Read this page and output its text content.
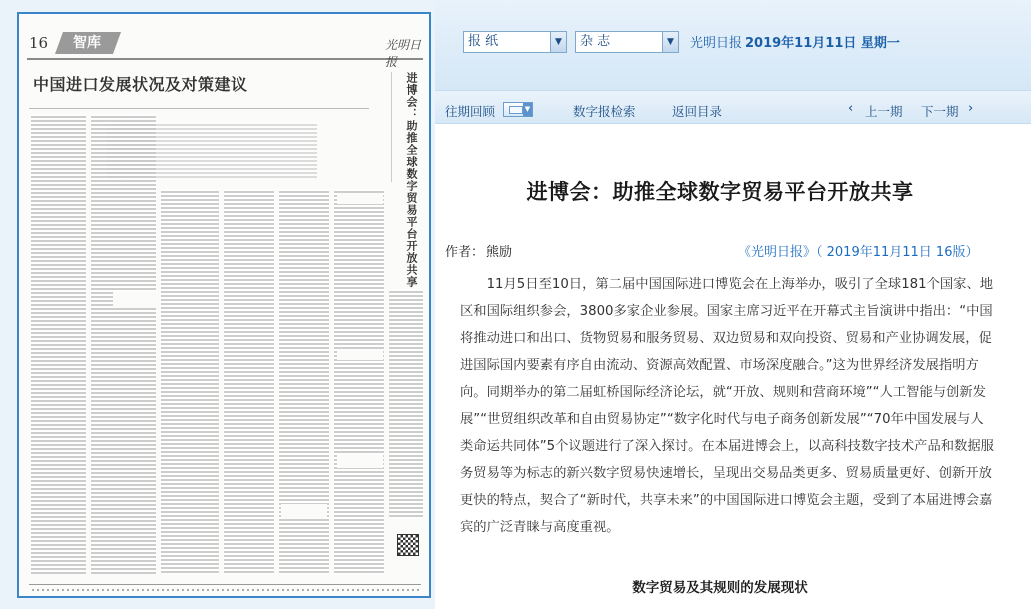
16 智库	光明日报
中国进口发展状况及对策建议	进博会：助推全球数字贸易平台开放共享
报 纸	▼	杂 志	▼	光明日报 2019年11月11日 星期一
往期回顾	▼	数字报检索	返回目录	‹ 上一期 下一期 ›
进博会：助推全球数字贸易平台开放共享
作者： 熊励	《光明日报》（ 2019年11月11日 16版）

11月5日至10日，第二届中国国际进口博览会在上海举办，吸引了全球181个国家、地区和国际组织参会，3800多家企业参展。国家主席习近平在开幕式主旨演讲中指出：“中国将推动进口和出口、货物贸易和服务贸易、双边贸易和双向投资、贸易和产业协调发展，促进国际国内要素有序自由流动、资源高效配置、市场深度融合。”这为世界经济发展指明方向。同期举办的第二届虹桥国际经济论坛，就“开放、规则和营商环境”“人工智能与创新发展”“世贸组织改革和自由贸易协定”“数字化时代与电子商务创新发展”“70年中国发展与人类命运共同体”5个议题进行了深入探讨。在本届进博会上，以高科技数字技术产品和数据服务贸易等为标志的新兴数字贸易快速增长，呈现出交易品类更多、贸易质量更好、创新开放更快的特点，契合了“新时代，共享未来”的中国国际进口博览会主题，受到了本届进博会嘉宾的广泛青睐与高度重视。

数字贸易及其规则的发展现状
